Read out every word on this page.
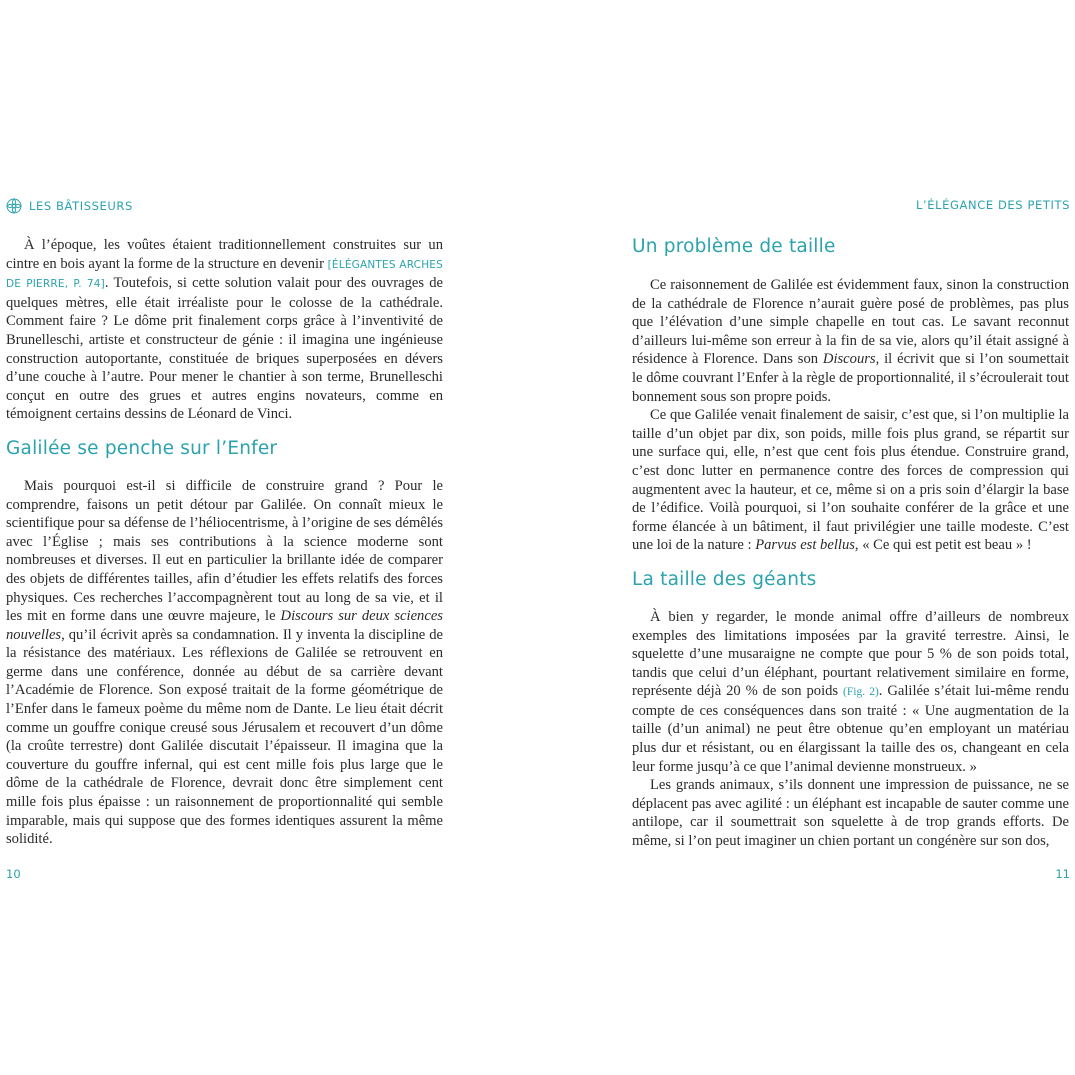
LES BÂTISSEURS

À l’époque, les voûtes étaient traditionnellement construites sur un cintre en bois ayant la forme de la structure en devenir [ÉLÉGANTES ARCHES DE PIERRE, P. 74]. Toutefois, si cette solution valait pour des ouvrages de quelques mètres, elle était irréaliste pour le colosse de la cathédrale. Comment faire ? Le dôme prit finalement corps grâce à l’inventivité de Brunelleschi, artiste et constructeur de génie : il imagina une ingénieuse construction autoportante, constituée de briques superposées en dévers d’une couche à l’autre. Pour mener le chantier à son terme, Brunelleschi conçut en outre des grues et autres engins novateurs, comme en témoignent certains dessins de Léonard de Vinci.

Galilée se penche sur l’Enfer

Mais pourquoi est-il si difficile de construire grand ? Pour le comprendre, faisons un petit détour par Galilée. On connaît mieux le scientifique pour sa défense de l’héliocentrisme, à l’origine de ses démêlés avec l’Église ; mais ses contributions à la science moderne sont nombreuses et diverses. Il eut en particulier la brillante idée de comparer des objets de différentes tailles, afin d’étudier les effets relatifs des forces physiques. Ces recherches l’accompagnèrent tout au long de sa vie, et il les mit en forme dans une œuvre majeure, le Discours sur deux sciences nouvelles, qu’il écrivit après sa condamnation. Il y inventa la discipline de la résistance des matériaux. Les réflexions de Galilée se retrouvent en germe dans une conférence, donnée au début de sa carrière devant l’Académie de Florence. Son exposé traitait de la forme géométrique de l’Enfer dans le fameux poème du même nom de Dante. Le lieu était décrit comme un gouffre conique creusé sous Jérusalem et recouvert d’un dôme (la croûte terrestre) dont Galilée discutait l’épaisseur. Il imagina que la couverture du gouffre infernal, qui est cent mille fois plus large que le dôme de la cathédrale de Florence, devrait donc être simplement cent mille fois plus épaisse : un raisonnement de proportionnalité qui semble imparable, mais qui suppose que des formes identiques assurent la même solidité.

10
L’ÉLÉGANCE DES PETITS
Un problème de taille

Ce raisonnement de Galilée est évidemment faux, sinon la construction de la cathédrale de Florence n’aurait guère posé de problèmes, pas plus que l’élévation d’une simple chapelle en tout cas. Le savant reconnut d’ailleurs lui-même son erreur à la fin de sa vie, alors qu’il était assigné à résidence à Florence. Dans son Discours, il écrivit que si l’on soumettait le dôme couvrant l’Enfer à la règle de proportionnalité, il s’écroulerait tout bonnement sous son propre poids.

Ce que Galilée venait finalement de saisir, c’est que, si l’on multiplie la taille d’un objet par dix, son poids, mille fois plus grand, se répartit sur une surface qui, elle, n’est que cent fois plus étendue. Construire grand, c’est donc lutter en permanence contre des forces de compression qui augmentent avec la hauteur, et ce, même si on a pris soin d’élargir la base de l’édifice. Voilà pourquoi, si l’on souhaite conférer de la grâce et une forme élancée à un bâtiment, il faut privilégier une taille modeste. C’est une loi de la nature : Parvus est bellus, « Ce qui est petit est beau » !

La taille des géants

À bien y regarder, le monde animal offre d’ailleurs de nombreux exemples des limitations imposées par la gravité terrestre. Ainsi, le squelette d’une musaraigne ne compte que pour 5 % de son poids total, tandis que celui d’un éléphant, pourtant relativement similaire en forme, représente déjà 20 % de son poids (Fig. 2). Galilée s’était lui-même rendu compte de ces conséquences dans son traité : « Une augmentation de la taille (d’un animal) ne peut être obtenue qu’en employant un matériau plus dur et résistant, ou en élargissant la taille des os, changeant en cela leur forme jusqu’à ce que l’animal devienne monstrueux. »

Les grands animaux, s’ils donnent une impression de puissance, ne se déplacent pas avec agilité : un éléphant est incapable de sauter comme une antilope, car il soumettrait son squelette à de trop grands efforts. De même, si l’on peut imaginer un chien portant un congénère sur son dos,

11
